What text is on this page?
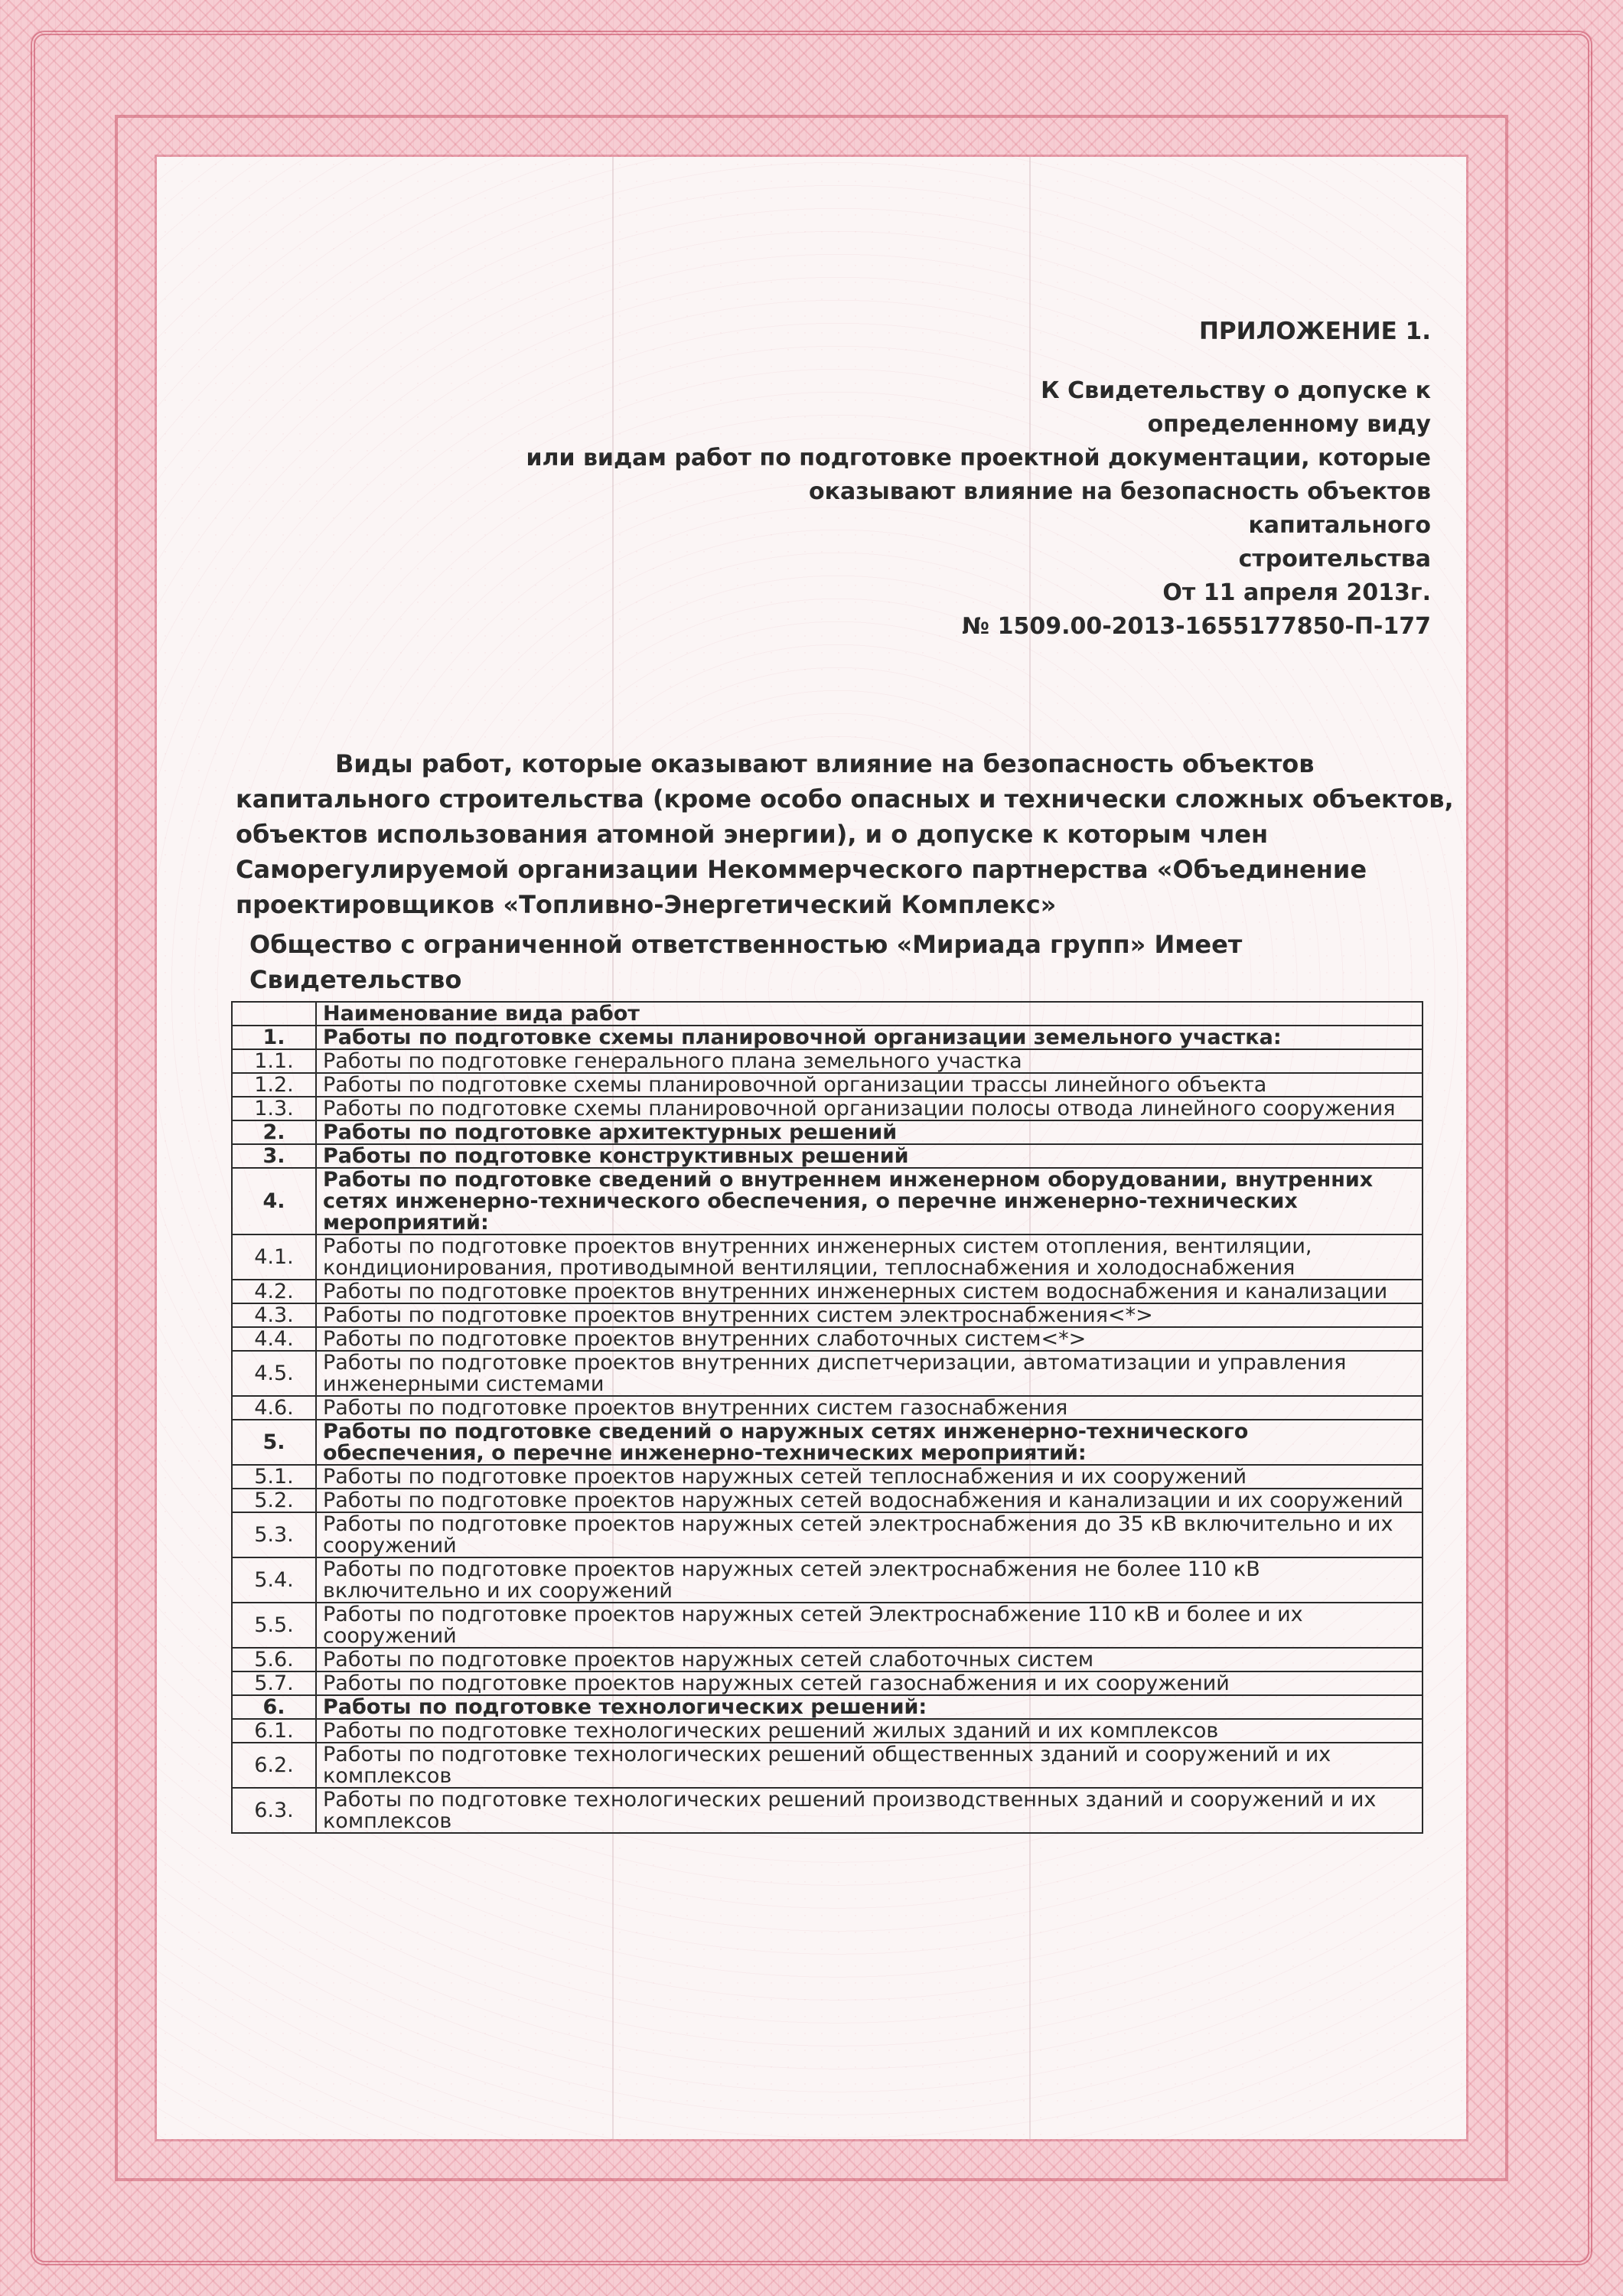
ПРИЛОЖЕНИЕ 1.
К Свидетельству о допуске к
определенному виду
или видам работ по подготовке проектной документации, которые
оказывают влияние на безопасность объектов
капитального
строительства
От 11 апреля 2013г.
№ 1509.00-2013-1655177850-П-177

Виды работ, которые оказывают влияние на безопасность объектов капитального строительства (кроме особо опасных и технически сложных объектов, объектов использования атомной энергии), и о допуске к которым член Саморегулируемой организации Некоммерческого партнерства «Объединение проектировщиков «Топливно-Энергетический Комплекс»

Общество с ограниченной ответственностью «Мириада групп» Имеет Свидетельство

	Наименование вида работ
1.	Работы по подготовке схемы планировочной организации земельного участка:
1.1.	Работы по подготовке генерального плана земельного участка
1.2.	Работы по подготовке схемы планировочной организации трассы линейного объекта
1.3.	Работы по подготовке схемы планировочной организации полосы отвода линейного сооружения
2.	Работы по подготовке архитектурных решений
3.	Работы по подготовке конструктивных решений
4.	Работы по подготовке сведений о внутреннем инженерном оборудовании, внутренних сетях инженерно-технического обеспечения, о перечне инженерно-технических мероприятий:
4.1.	Работы по подготовке проектов внутренних инженерных систем отопления, вентиляции, кондиционирования, противодымной вентиляции, теплоснабжения и холодоснабжения
4.2.	Работы по подготовке проектов внутренних инженерных систем водоснабжения и канализации
4.3.	Работы по подготовке проектов внутренних систем электроснабжения<*>
4.4.	Работы по подготовке проектов внутренних слаботочных систем<*>
4.5.	Работы по подготовке проектов внутренних диспетчеризации, автоматизации и управления инженерными системами
4.6.	Работы по подготовке проектов внутренних систем газоснабжения
5.	Работы по подготовке сведений о наружных сетях инженерно-технического обеспечения, о перечне инженерно-технических мероприятий:
5.1.	Работы по подготовке проектов наружных сетей теплоснабжения и их сооружений
5.2.	Работы по подготовке проектов наружных сетей водоснабжения и канализации и их сооружений
5.3.	Работы по подготовке проектов наружных сетей электроснабжения до 35 кВ включительно и их сооружений
5.4.	Работы по подготовке проектов наружных сетей электроснабжения не более 110 кВ включительно и их сооружений
5.5.	Работы по подготовке проектов наружных сетей Электроснабжение 110 кВ и более и их сооружений
5.6.	Работы по подготовке проектов наружных сетей слаботочных систем
5.7.	Работы по подготовке проектов наружных сетей газоснабжения и их сооружений
6.	Работы по подготовке технологических решений:
6.1.	Работы по подготовке технологических решений жилых зданий и их комплексов
6.2.	Работы по подготовке технологических решений общественных зданий и сооружений и их комплексов
6.3.	Работы по подготовке технологических решений производственных зданий и сооружений и их комплексов
